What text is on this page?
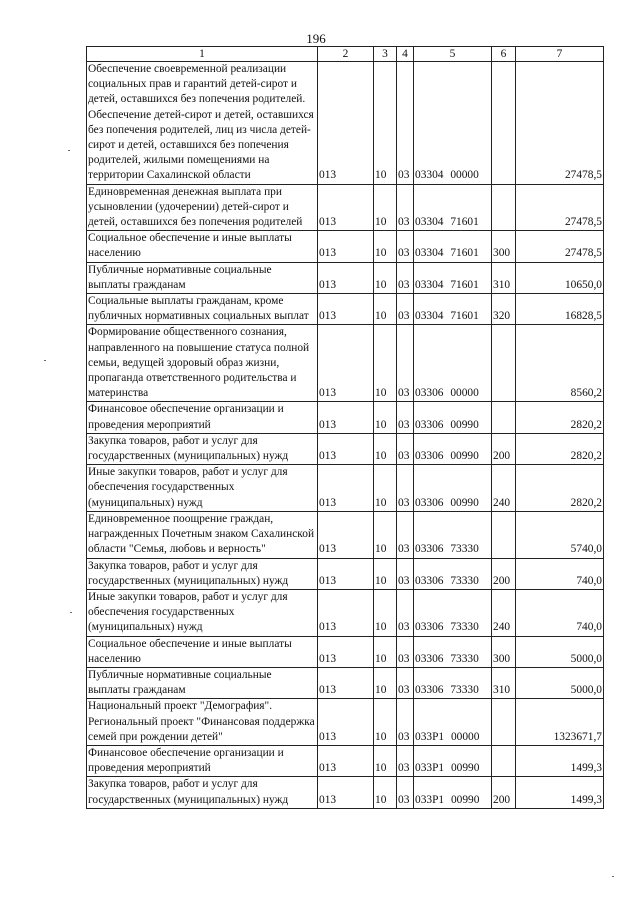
196
1	2	3	4	5	6	7
Обеспечение своевременной реализации социальных прав и гарантий детей-сирот и детей, оставшихся без попечения родителей. Обеспечение детей-сирот и детей, оставшихся без попечения родителей, лиц из числа детей-сирот и детей, оставшихся без попечения родителей, жилыми помещениями на территории Сахалинской области	013	10	03	03304 00000		27478,5
Единовременная денежная выплата при усыновлении (удочерении) детей-сирот и детей, оставшихся без попечения родителей	013	10	03	03304 71601		27478,5
Социальное обеспечение и иные выплаты населению	013	10	03	03304 71601	300	27478,5
Публичные нормативные социальные выплаты гражданам	013	10	03	03304 71601	310	10650,0
Социальные выплаты гражданам, кроме публичных нормативных социальных выплат	013	10	03	03304 71601	320	16828,5
Формирование общественного сознания, направленного на повышение статуса полной семьи, ведущей здоровый образ жизни, пропаганда ответственного родительства и материнства	013	10	03	03306 00000		8560,2
Финансовое обеспечение организации и проведения мероприятий	013	10	03	03306 00990		2820,2
Закупка товаров, работ и услуг для государственных (муниципальных) нужд	013	10	03	03306 00990	200	2820,2
Иные закупки товаров, работ и услуг для обеспечения государственных (муниципальных) нужд	013	10	03	03306 00990	240	2820,2
Единовременное поощрение граждан, награжденных Почетным знаком Сахалинской области "Семья, любовь и верность"	013	10	03	03306 73330		5740,0
Закупка товаров, работ и услуг для государственных (муниципальных) нужд	013	10	03	03306 73330	200	740,0
Иные закупки товаров, работ и услуг для обеспечения государственных (муниципальных) нужд	013	10	03	03306 73330	240	740,0
Социальное обеспечение и иные выплаты населению	013	10	03	03306 73330	300	5000,0
Публичные нормативные социальные выплаты гражданам	013	10	03	03306 73330	310	5000,0
Национальный проект "Демография". Региональный проект "Финансовая поддержка семей при рождении детей"	013	10	03	033P1 00000		1323671,7
Финансовое обеспечение организации и проведения мероприятий	013	10	03	033P1 00990		1499,3
Закупка товаров, работ и услуг для государственных (муниципальных) нужд	013	10	03	033P1 00990	200	1499,3
